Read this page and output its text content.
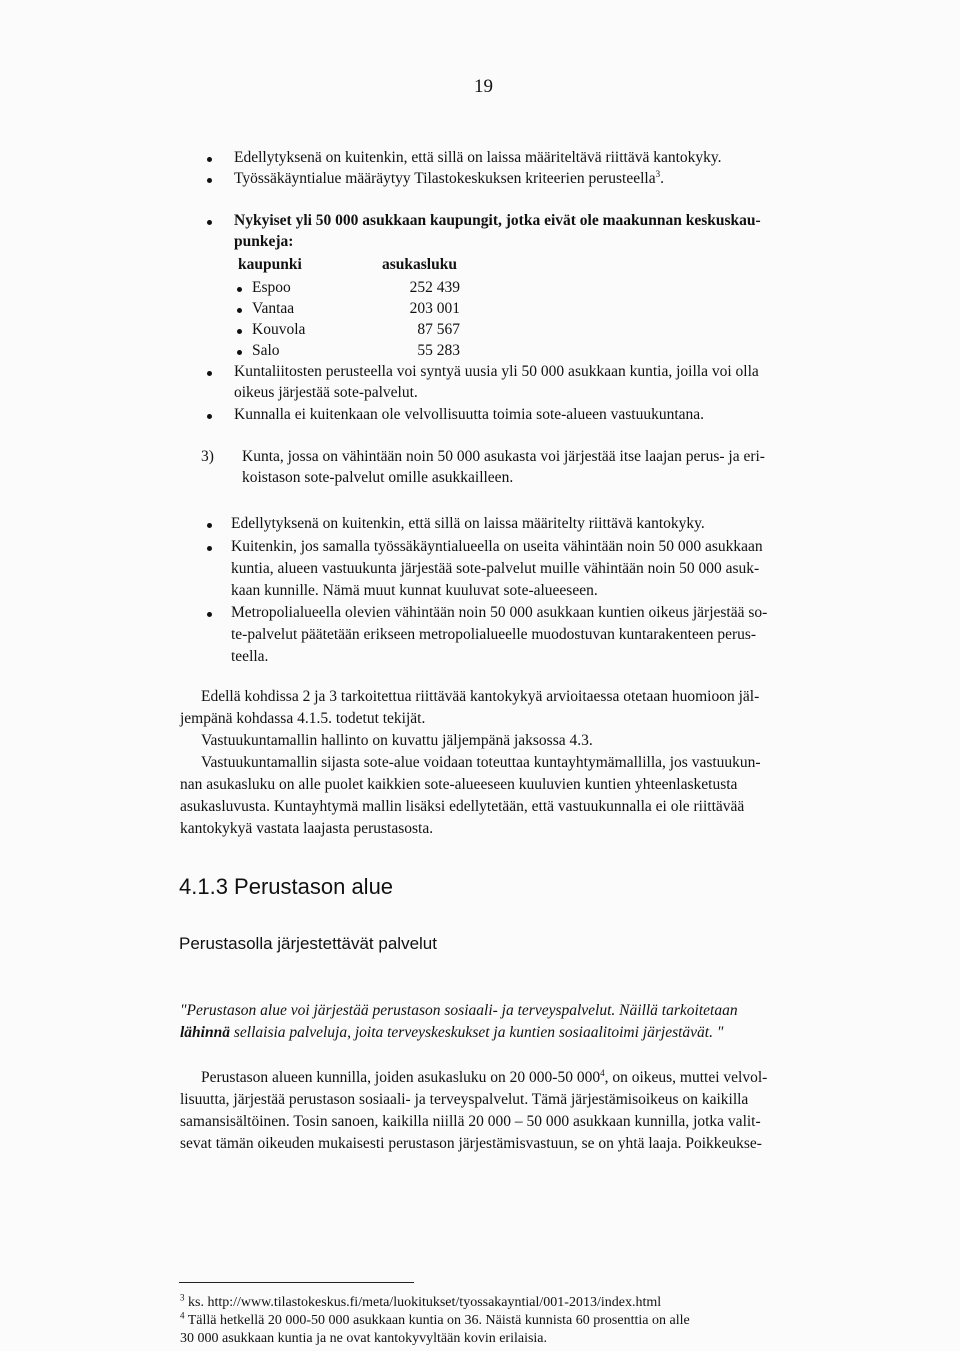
19
Edellytyksenä on kuitenkin, että sillä on laissa määriteltävä riittävä kantokyky.
Työssäkäyntialue määräytyy Tilastokeskuksen kriteerien perusteella$^3$.
Nykyiset yli 50 000 asukkaan kaupungit, jotka eivät ole maakunnan keskuskau-
punkeja:
kaupunki	asukasluku
Espoo	252 439
Vantaa	203 001
Kouvola	87 567
Salo	55 283
Kuntaliitosten perusteella voi syntyä uusia yli 50 000 asukkaan kuntia, joilla voi olla
oikeus järjestää sote-palvelut.
Kunnalla ei kuitenkaan ole velvollisuutta toimia sote-alueen vastuukuntana.
3) Kunta, jossa on vähintään noin 50 000 asukasta voi järjestää itse laajan perus- ja eri-
koistason sote-palvelut omille asukkailleen.
Edellytyksenä on kuitenkin, että sillä on laissa määritelty riittävä kantokyky.
Kuitenkin, jos samalla työssäkäyntialueella on useita vähintään noin 50 000 asukkaan
kuntia, alueen vastuukunta järjestää sote-palvelut muille vähintään noin 50 000 asuk-
kaan kunnille. Nämä muut kunnat kuuluvat sote-alueeseen.
Metropolialueella olevien vähintään noin 50 000 asukkaan kuntien oikeus järjestää so-
te-palvelut päätetään erikseen metropolialueelle muodostuvan kuntarakenteen perus-
teella.
Edellä kohdissa 2 ja 3 tarkoitettua riittävää kantokykyä arvioitaessa otetaan huomioon jäl-
jempänä kohdassa 4.1.5. todetut tekijät.
Vastuukuntamallin hallinto on kuvattu jäljempänä jaksossa 4.3.
Vastuukuntamallin sijasta sote-alue voidaan toteuttaa kuntayhtymämallilla, jos vastuukun-
nan asukasluku on alle puolet kaikkien sote-alueeseen kuuluvien kuntien yhteenlasketusta
asukasluvusta. Kuntayhtymä mallin lisäksi edellytetään, että vastuukunnalla ei ole riittävää
kantokykyä vastata laajasta perustasosta.
4.1.3 Perustason alue
Perustasolla järjestettävät palvelut
"Perustason alue voi järjestää perustason sosiaali- ja terveyspalvelut. Näillä tarkoitetaan
lähinnä sellaisia palveluja, joita terveyskeskukset ja kuntien sosiaalitoimi järjestävät. "
Perustason alueen kunnilla, joiden asukasluku on 20 000-50 $000^4$, on oikeus, muttei velvol-
lisuutta, järjestää perustason sosiaali- ja terveyspalvelut. Tämä järjestämisoikeus on kaikilla
samansisältöinen. Tosin sanoen, kaikilla niillä 20 000 – 50 000 asukkaan kunnilla, jotka valit-
sevat tämän oikeuden mukaisesti perustason järjestämisvastuun, se on yhtä laaja. Poikkeukse-
$^3$ ks. http://www.tilastokeskus.fi/meta/luokitukset/tyossakayntial/001-2013/index.html
$^4$ Tällä hetkellä 20 000-50 000 asukkaan kuntia on 36. Näistä kunnista 60 prosenttia on alle
30 000 asukkaan kuntia ja ne ovat kantokyvyltään kovin erilaisia.
